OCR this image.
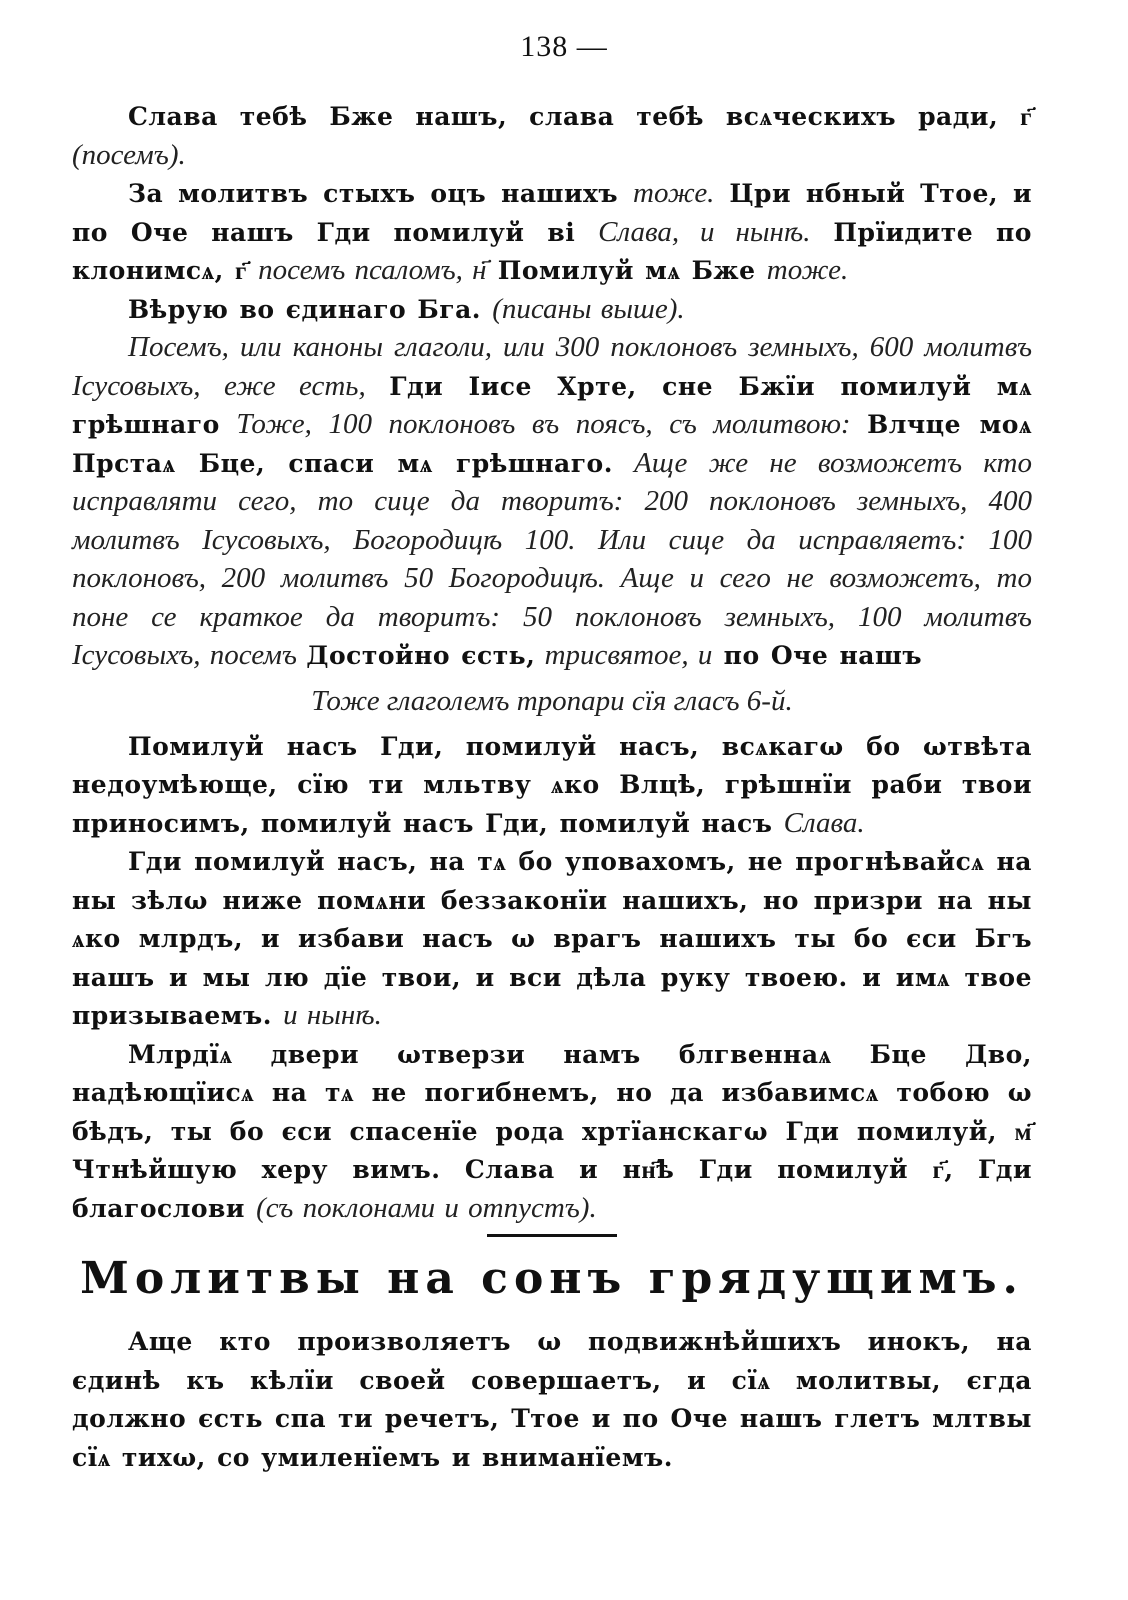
138 —

Слава тебѣ Бже нашъ, слава тебѣ всѧческихъ ради, г҃ (посемъ).

За молитвъ стыхъ оцъ нашихъ тоже. Цри нбный Ттое, и по Оче нашъ Гди помилуй ві Слава, и нынѣ. Прїидите по клонимсѧ, г҃ посемъ псаломъ, н҃ Помилуй мѧ Бже тоже.

Вѣрую во єдинаго Бга. (писаны выше).

Посемъ, или каноны глаголи, или 300 поклоновъ земныхъ, 600 молитвъ Iсусовыхъ, еже есть, Гди Іисе Хрте, сне Бжїи помилуй мѧ грѣшнаго Тоже, 100 поклоновъ въ поясъ, съ молитвою: Влчце моѧ Прстаѧ Бце, спаси мѧ грѣшнаго. Аще же не возможетъ кто исправляти сего, то сице да творитъ: 200 поклоновъ земныхъ, 400 молитвъ Iсусовыхъ, Богородицѣ 100. Или сице да исправляетъ: 100 поклоновъ, 200 молитвъ 50 Богородицѣ. Аще и сего не возможетъ, то поне се краткое да творитъ: 50 поклоновъ земныхъ, 100 молитвъ Iсусовыхъ, посемъ Достойно єсть, трисвятое, и по Оче нашъ

Тоже глаголемъ тропари сїя гласъ 6-й.

Помилуй насъ Гди, помилуй насъ, всѧкагω бо ωтвѣта недоумѣюще, сїю ти мльтву ѧко Влцѣ, грѣшнїи раби твои приносимъ, помилуй насъ Гди, помилуй насъ Слава.

Гди помилуй насъ, на тѧ бо уповахомъ, не прогнѣвайсѧ на ны зѣлω ниже помѧни беззаконїи нашихъ, но призри на ны ѧко млрдъ, и избави насъ ω врагъ нашихъ ты бо єси Бгъ нашъ и мы лю дїе твои, и вси дѣла руку твоею. и имѧ твое призываемъ. и нынѣ.

Млрдїѧ двери ωтверзи намъ блгвеннаѧ Бце Дво, надѣющїисѧ на тѧ не погибнемъ, но да избавимсѧ тобою ω бѣдъ, ты бо єси спасенїе рода хртїанскагω Гди помилуй, м҃ Чтнѣйшую херу вимъ. Слава и нн҃ѣ Гди помилуй г҃, Гди благослови (съ поклонами и отпустъ).

Молитвы на сонъ грядущимъ.

Аще кто произволяетъ ω подвижнѣйшихъ инокъ, на єдинѣ къ кѣлїи своей совершаетъ, и сїѧ молитвы, єгда должно єсть спа ти речетъ, Ттое и по Оче нашъ глетъ млтвы сїѧ тихω, со умиленїемъ и вниманїемъ.
